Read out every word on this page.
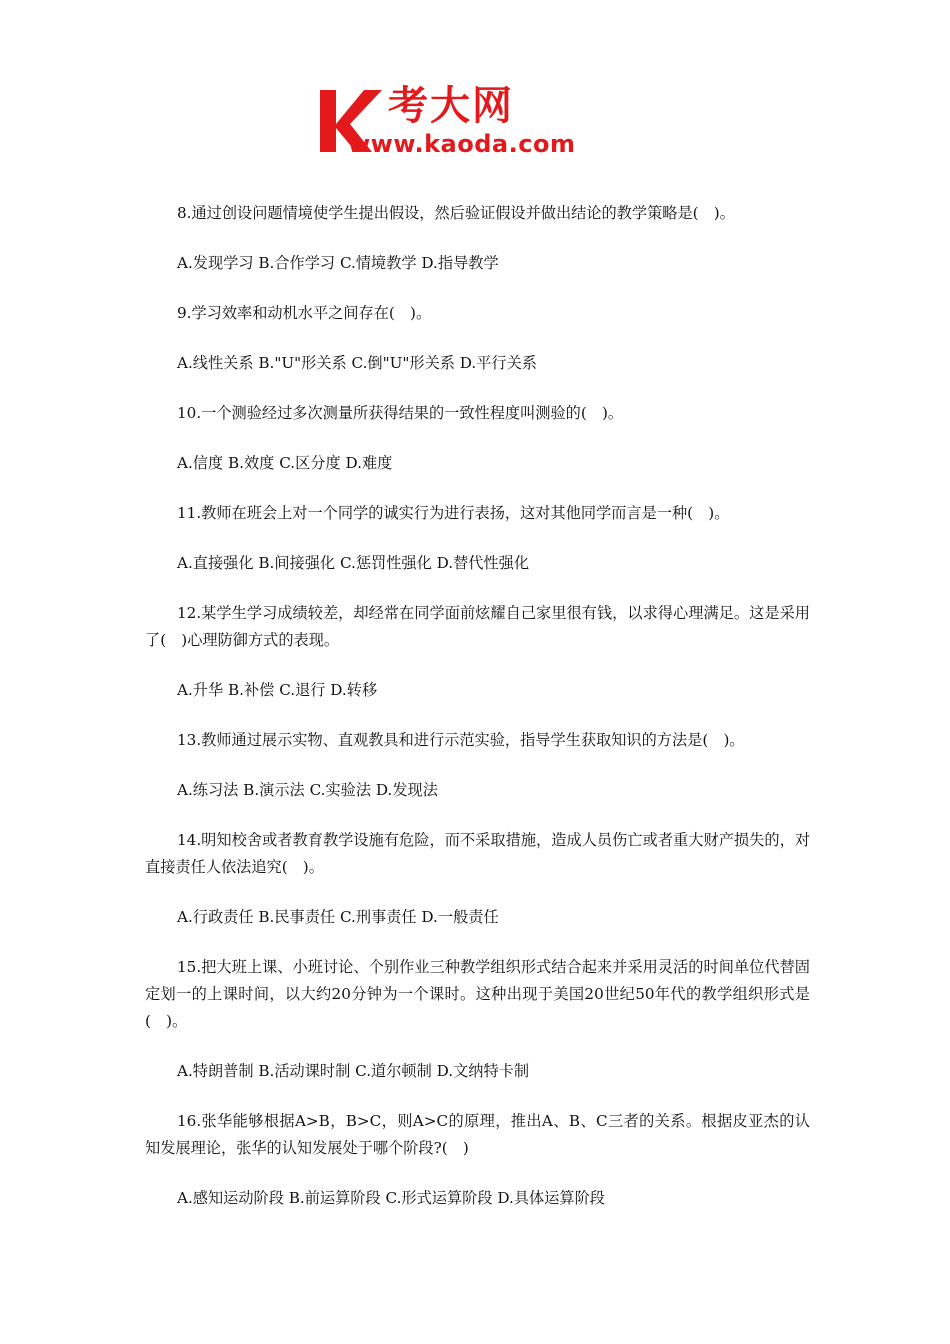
考大网
www.kaoda.com

8.通过创设问题情境使学生提出假设，然后验证假设并做出结论的教学策略是(　)。

A.发现学习 B.合作学习 C.情境教学 D.指导教学

9.学习效率和动机水平之间存在(　)。

A.线性关系 B."U"形关系 C.倒"U"形关系 D.平行关系

10.一个测验经过多次测量所获得结果的一致性程度叫测验的(　)。

A.信度 B.效度 C.区分度 D.难度

11.教师在班会上对一个同学的诚实行为进行表扬，这对其他同学而言是一种(　)。

A.直接强化 B.间接强化 C.惩罚性强化 D.替代性强化

12.某学生学习成绩较差，却经常在同学面前炫耀自己家里很有钱，以求得心理满足。这是采用了(　)心理防御方式的表现。

A.升华 B.补偿 C.退行 D.转移

13.教师通过展示实物、直观教具和进行示范实验，指导学生获取知识的方法是(　)。

A.练习法 B.演示法 C.实验法 D.发现法

14.明知校舍或者教育教学设施有危险，而不采取措施，造成人员伤亡或者重大财产损失的，对直接责任人依法追究(　)。

A.行政责任 B.民事责任 C.刑事责任 D.一般责任

15.把大班上课、小班讨论、个别作业三种教学组织形式结合起来并采用灵活的时间单位代替固定划一的上课时间，以大约20分钟为一个课时。这种出现于美国20世纪50年代的教学组织形式是(　)。

A.特朗普制 B.活动课时制 C.道尔顿制 D.文纳特卡制

16.张华能够根据A>B，B>C，则A>C的原理，推出A、B、C三者的关系。根据皮亚杰的认知发展理论，张华的认知发展处于哪个阶段?(　)

A.感知运动阶段 B.前运算阶段 C.形式运算阶段 D.具体运算阶段
